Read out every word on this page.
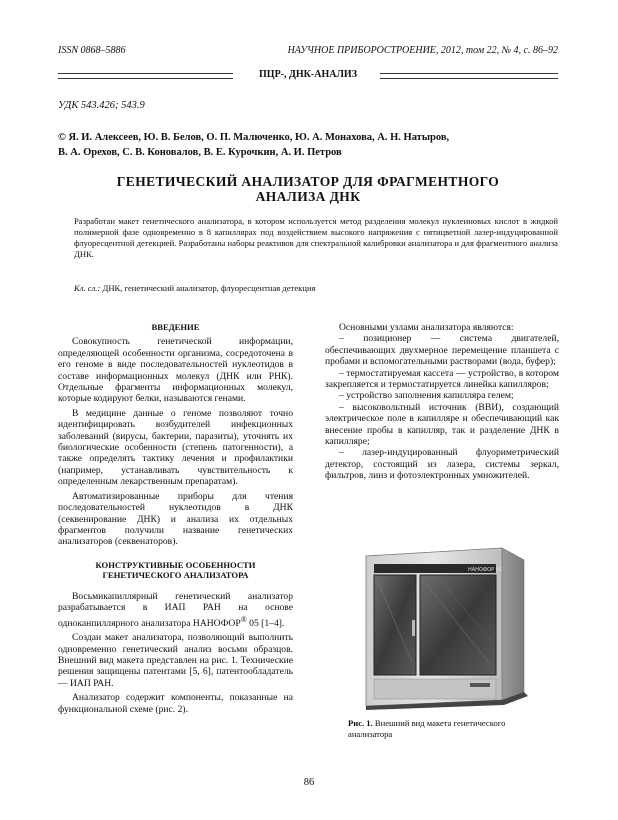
ISSN 0868–5886	НАУЧНОЕ ПРИБОРОСТРОЕНИЕ, 2012, том 22, № 4, с. 86–92
ПЦР-, ДНК-АНАЛИЗ
УДК 543.426; 543.9
© Я. И. Алексеев, Ю. В. Белов, О. П. Малюченко, Ю. А. Монахова, А. Н. Натыров,
В. А. Орехов, С. В. Коновалов, В. Е. Курочкин, А. И. Петров
ГЕНЕТИЧЕСКИЙ АНАЛИЗАТОР ДЛЯ ФРАГМЕНТНОГО
АНАЛИЗА ДНК
Разработан макет генетического анализатора, в котором используется метод разделения молекул нуклеиновых кислот в жидкой полимерной фазе одновременно в 8 капиллярах под воздействием высокого напряжения с пятицветной лазер-индуцированной флуоресцентной детекцией. Разработаны наборы реактивов для спектральной калибровки анализатора и для фрагментного анализа ДНК.
Кл. сл.: ДНК, генетический анализатор, флуоресцентная детекция

ВВЕДЕНИЕ

Совокупность генетической информации, определяющей особенности организма, сосредоточена в его геноме в виде последовательностей нуклеотидов в составе информационных молекул (ДНК или РНК). Отдельные фрагменты информационных молекул, которые кодируют белки, называются генами.

В медицине данные о геноме позволяют точно идентифицировать возбудителей инфекционных заболеваний (вирусы, бактерии, паразиты), уточнять их биологические особенности (степень патогенности), а также определять тактику лечения и профилактики (например, устанавливать чувствительность к определенным лекарственным препаратам).

Автоматизированные приборы для чтения последовательностей нуклеотидов в ДНК (секвенирование ДНК) и анализа их отдельных фрагментов получили название генетических анализаторов (секвенаторов).

КОНСТРУКТИВНЫЕ ОСОБЕННОСТИ
ГЕНЕТИЧЕСКОГО АНАЛИЗАТОРА

Восьмикапиллярный генетический анализатор разрабатывается в ИАП РАН на основе одноканпиллярного анализатора НАНОФОР® 05 [1–4].

Создан макет анализатора, позволяющий выполнить одновременно генетический анализ восьми образцов. Внешний вид макета представлен на рис. 1. Технические решения защищены патентами [5, 6], патентообладатель — ИАП РАН.

Анализатор содержит компоненты, показанные на функциональной схеме (рис. 2).

Основными узлами анализатора являются:

– позиционер — система двигателей, обеспечивающих двухмерное перемещение планшета с пробами и вспомогательными растворами (вода, буфер);

– термостатируемая кассета — устройство, в котором закрепляется и термостатируется линейка капилляров;

– устройство заполнения капилляра гелем;

– высоковольтный источник (ВВИ), создающий электрическое поле в капилляре и обеспечивающий как внесение пробы в капилляр, так и разделение ДНК в капилляре;

– лазер-индуцированный флуориметрический детектор, состоящий из лазера, системы зеркал, фильтров, линз и фотоэлектронных умножителей.

НАНОФОР 08
Рис. 1. Внешний вид макета генетического анализатора
86
